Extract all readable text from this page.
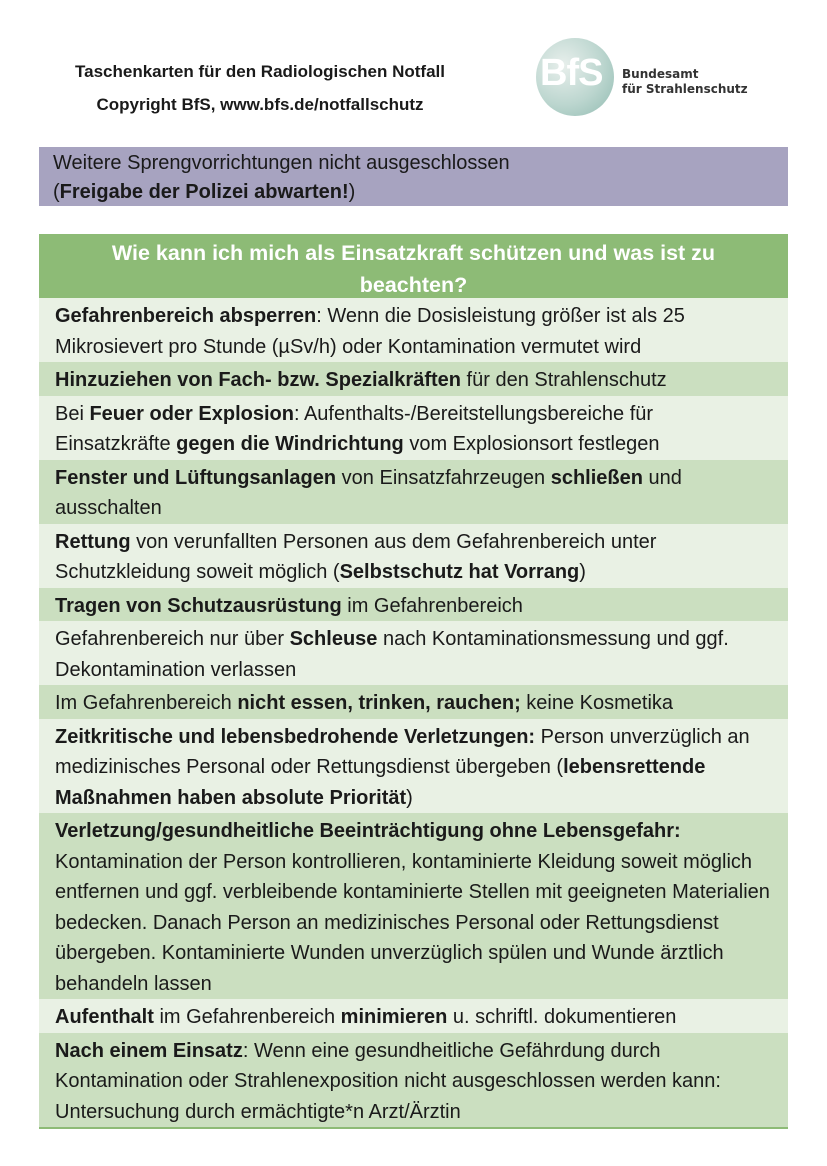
Taschenkarten für den Radiologischen Notfall
Copyright BfS, www.bfs.de/notfallschutz
BfS Bundesamt
für Strahlenschutz
Weitere Sprengvorrichtungen nicht ausgeschlossen
(Freigabe der Polizei abwarten!)
Wie kann ich mich als Einsatzkraft schützen und was ist zu beachten?
Gefahrenbereich absperren: Wenn die Dosisleistung größer ist als 25 Mikrosievert pro Stunde (µSv/h) oder Kontamination vermutet wird
Hinzuziehen von Fach- bzw. Spezialkräften für den Strahlenschutz
Bei Feuer oder Explosion: Aufenthalts-/Bereitstellungsbereiche für Einsatzkräfte gegen die Windrichtung vom Explosionsort festlegen
Fenster und Lüftungsanlagen von Einsatzfahrzeugen schließen und ausschalten
Rettung von verunfallten Personen aus dem Gefahrenbereich unter Schutzkleidung soweit möglich (Selbstschutz hat Vorrang)
Tragen von Schutzausrüstung im Gefahrenbereich
Gefahrenbereich nur über Schleuse nach Kontaminationsmessung und ggf. Dekontamination verlassen
Im Gefahrenbereich nicht essen, trinken, rauchen; keine Kosmetika
Zeitkritische und lebensbedrohende Verletzungen: Person unverzüglich an medizinisches Personal oder Rettungsdienst übergeben (lebensrettende Maßnahmen haben absolute Priorität)
Verletzung/gesundheitliche Beeinträchtigung ohne Lebensgefahr: Kontamination der Person kontrollieren, kontaminierte Kleidung soweit möglich entfernen und ggf. verbleibende kontaminierte Stellen mit geeigneten Materialien bedecken. Danach Person an medizinisches Personal oder Rettungsdienst übergeben. Kontaminierte Wunden unverzüglich spülen und Wunde ärztlich behandeln lassen
Aufenthalt im Gefahrenbereich minimieren u. schriftl. dokumentieren
Nach einem Einsatz: Wenn eine gesundheitliche Gefährdung durch Kontamination oder Strahlenexposition nicht ausgeschlossen werden kann: Untersuchung durch ermächtigte*n Arzt/Ärztin
